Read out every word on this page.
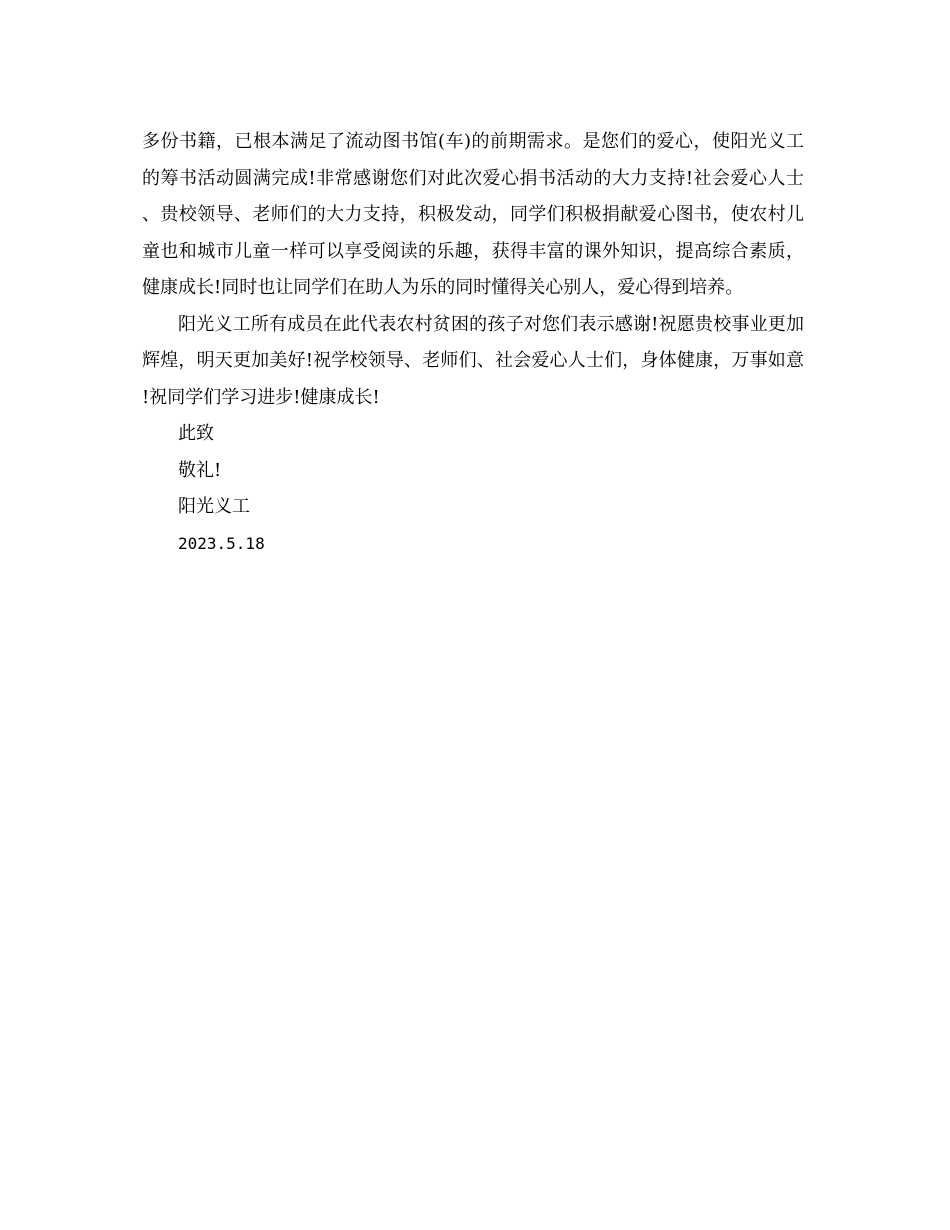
多份书籍，已根本满足了流动图书馆(车)的前期需求。是您们的爱心，使阳光义工的筹书活动圆满完成!非常感谢您们对此次爱心捐书活动的大力支持!社会爱心人士、贵校领导、老师们的大力支持，积极发动，同学们积极捐献爱心图书，使农村儿童也和城市儿童一样可以享受阅读的乐趣，获得丰富的课外知识，提高综合素质，健康成长!同时也让同学们在助人为乐的同时懂得关心别人，爱心得到培养。

阳光义工所有成员在此代表农村贫困的孩子对您们表示感谢!祝愿贵校事业更加辉煌，明天更加美好!祝学校领导、老师们、社会爱心人士们，身体健康，万事如意!祝同学们学习进步!健康成长!

此致

敬礼!

阳光义工

2023.5.18
